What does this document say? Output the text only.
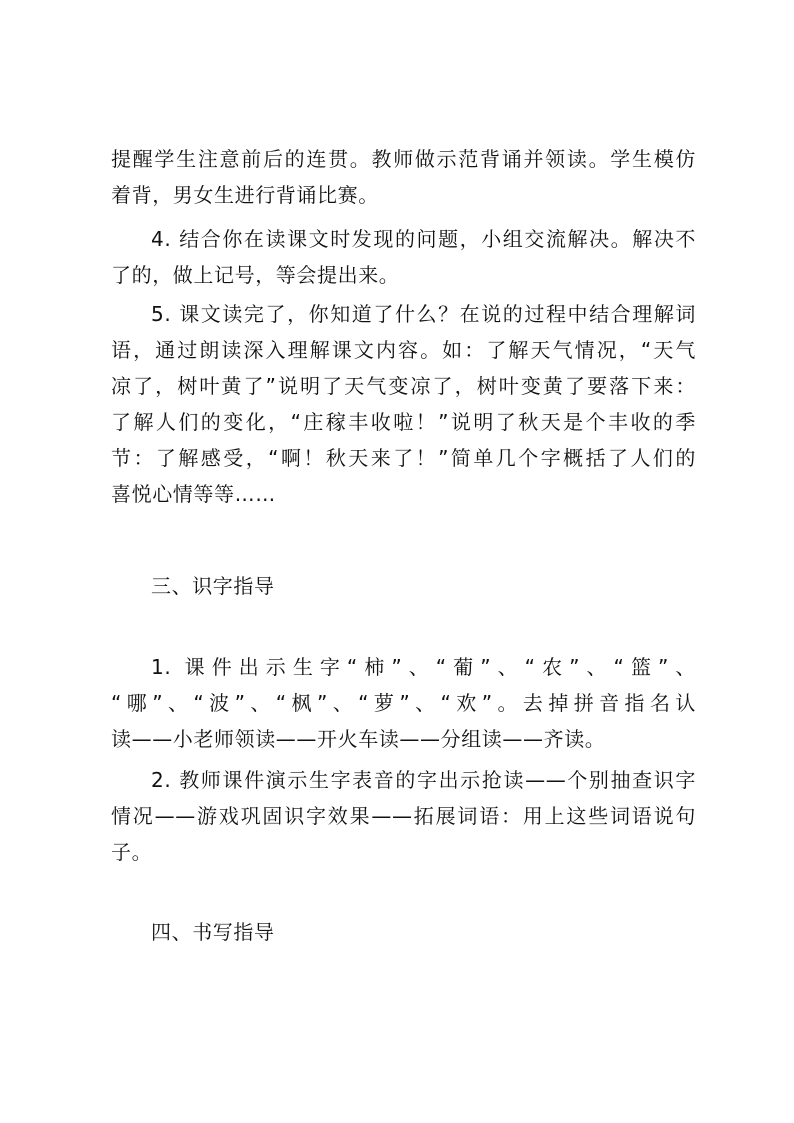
提醒学生注意前后的连贯。教师做示范背诵并领读。学生模仿
着背，男女生进行背诵比赛。
4. 结合你在读课文时发现的问题，小组交流解决。解决不
了的，做上记号，等会提出来。
5. 课文读完了，你知道了什么？在说的过程中结合理解词
语，通过朗读深入理解课文内容。如：了解天气情况，“天气
凉了，树叶黄了”说明了天气变凉了，树叶变黄了要落下来：
了解人们的变化，“庄稼丰收啦！”说明了秋天是个丰收的季
节：了解感受，“啊！秋天来了！”简单几个字概括了人们的
喜悦心情等等……
三、识字指导
1. 课件出示生字“柿”、“葡”、“农”、“篮”、
“哪”、“波”、“枫”、“萝”、“欢”。去掉拼音指名认
读——小老师领读——开火车读——分组读——齐读。
2. 教师课件演示生字表音的字出示抢读——个别抽查识字
情况——游戏巩固识字效果——拓展词语：用上这些词语说句
子。
四、书写指导
